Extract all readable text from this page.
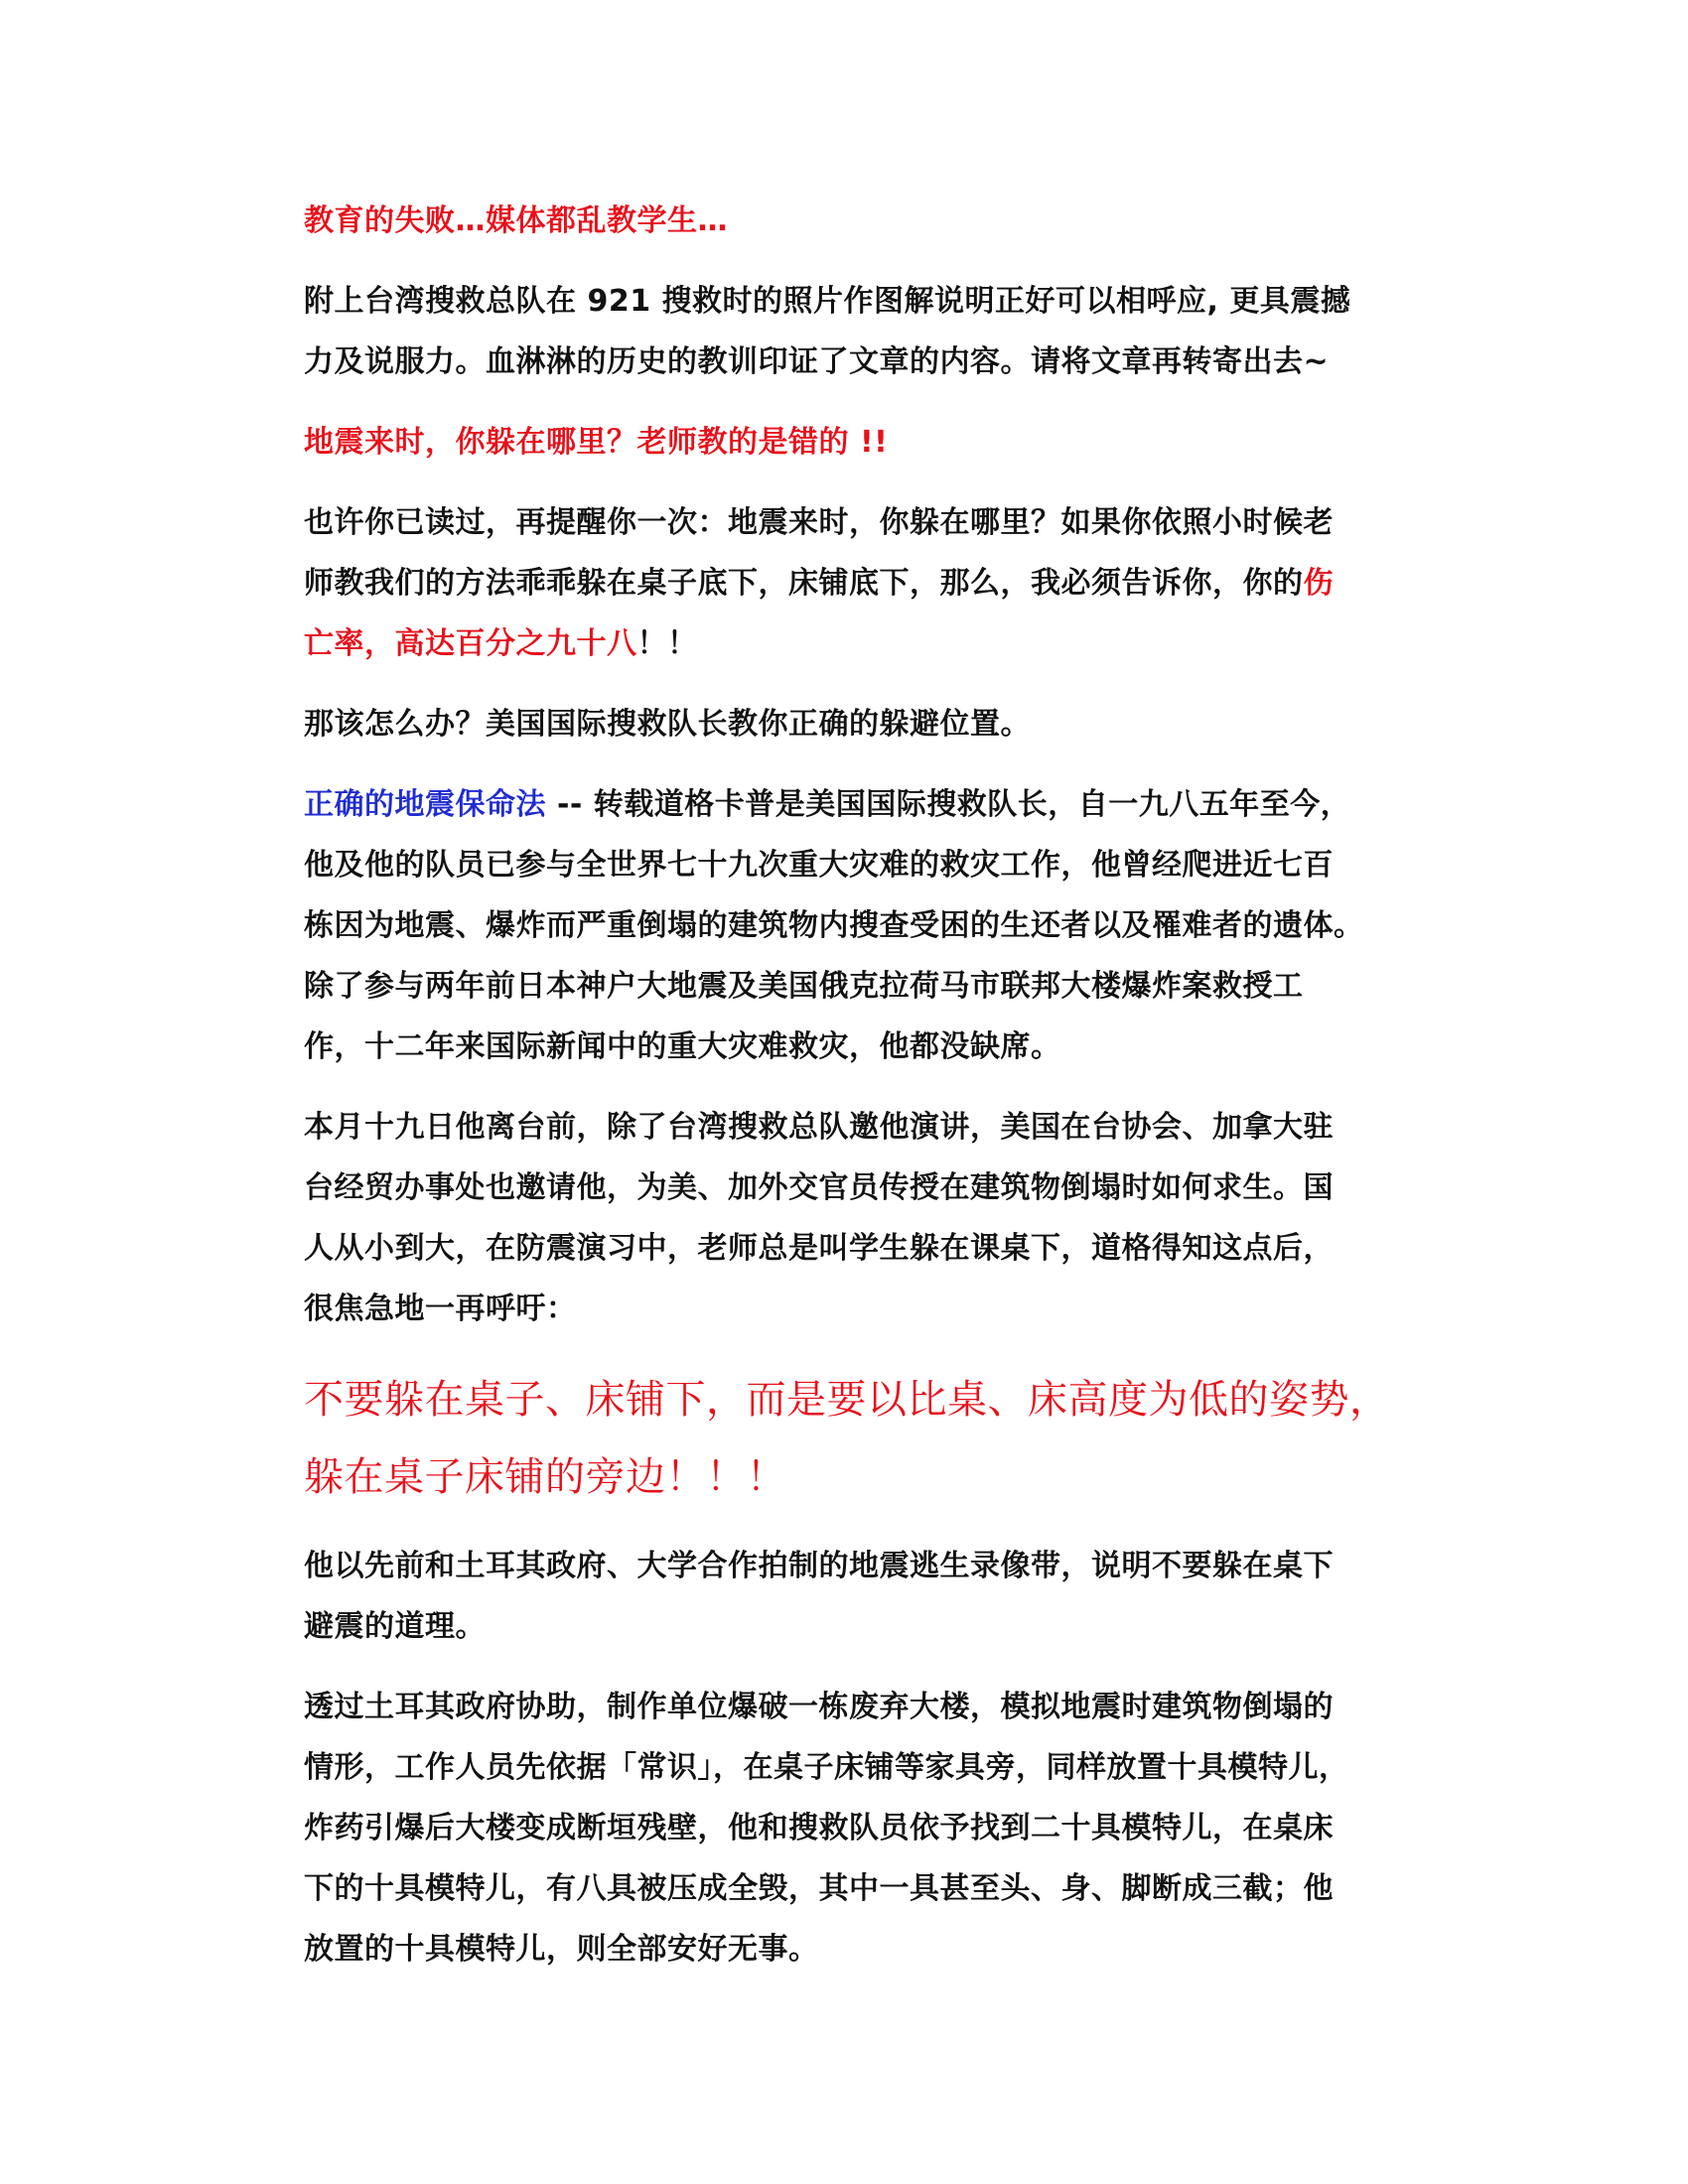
教育的失败…媒体都乱教学生…

附上台湾搜救总队在 921 搜救时的照片作图解说明正好可以相呼应, 更具震撼

力及说服力。血淋淋的历史的教训印证了文章的内容。请将文章再转寄出去~

地震来时，你躲在哪里？老师教的是错的 !!

也许你已读过，再提醒你一次：地震来时，你躲在哪里？如果你依照小时候老

师教我们的方法乖乖躲在桌子底下，床铺底下，那么，我必须告诉你，你的伤

亡率，高达百分之九十八！！

那该怎么办？美国国际搜救队长教你正确的躲避位置。

正确的地震保命法 -- 转载道格卡普是美国国际搜救队长，自一九八五年至今，

他及他的队员已参与全世界七十九次重大灾难的救灾工作，他曾经爬进近七百

栋因为地震、爆炸而严重倒塌的建筑物内搜查受困的生还者以及罹难者的遗体。

除了参与两年前日本神户大地震及美国俄克拉荷马市联邦大楼爆炸案救授工

作，十二年来国际新闻中的重大灾难救灾，他都没缺席。

本月十九日他离台前，除了台湾搜救总队邀他演讲，美国在台协会、加拿大驻

台经贸办事处也邀请他，为美、加外交官员传授在建筑物倒塌时如何求生。国

人从小到大，在防震演习中，老师总是叫学生躲在课桌下，道格得知这点后，

很焦急地一再呼吁：

不要躲在桌子、床铺下，而是要以比桌、床高度为低的姿势，

躲在桌子床铺的旁边！！！

他以先前和土耳其政府、大学合作拍制的地震逃生录像带，说明不要躲在桌下

避震的道理。

透过土耳其政府协助，制作单位爆破一栋废弃大楼，模拟地震时建筑物倒塌的

情形，工作人员先依据「常识」，在桌子床铺等家具旁，同样放置十具模特儿，

炸药引爆后大楼变成断垣残壁，他和搜救队员依予找到二十具模特儿，在桌床

下的十具模特儿，有八具被压成全毁，其中一具甚至头、身、脚断成三截；他

放置的十具模特儿，则全部安好无事。
